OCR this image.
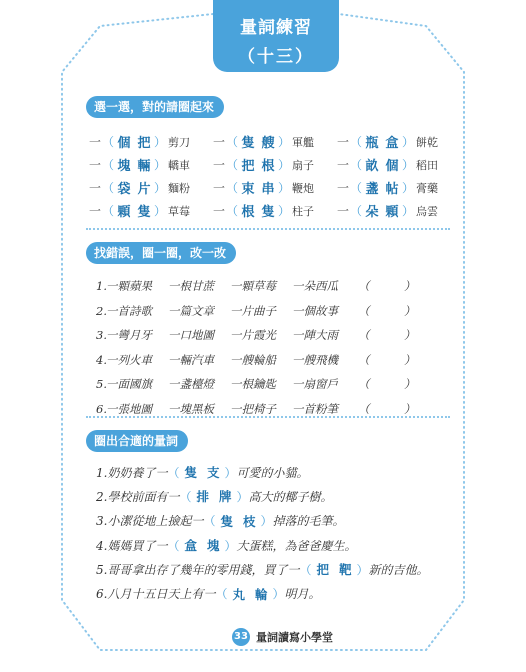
量詞練習
（十三）
選一選，對的請圈起來
一 （ 個 把 ） 剪刀 一 （ 隻 艘 ） 軍艦 一 （ 瓶 盒 ） 餅乾
一 （ 塊 輛 ） 轎車 一 （ 把 根 ） 扇子 一 （ 畝 個 ） 稻田
一 （ 袋 片 ） 麵粉 一 （ 束 串 ） 鞭炮 一 （ 盞 帖 ） 膏藥
一 （ 顆 隻 ） 草莓 一 （ 根 隻 ） 柱子 一 （ 朵 顆 ） 烏雲
找錯誤，圈一圈，改一改
1. 一顆蘋果	一根甘蔗	一顆草莓	一朵西瓜	（　　　）
2. 一首詩歌	一篇文章	一片曲子	一個故事	（　　　）
3. 一彎月牙	一口地圖	一片霞光	一陣大雨	（　　　）
4. 一列火車	一輛汽車	一艘輪船	一艘飛機	（　　　）
5. 一面國旗	一盞檯燈	一根鑰匙	一扇窗戶	（　　　）
6. 一張地圖	一塊黑板	一把椅子	一首粉筆	（　　　）
圈出合適的量詞
1.奶奶養了一 （ 隻 支 ） 可愛的小貓。
2.學校前面有一 （ 排 牌 ） 高大的椰子樹。
3.小潔從地上撿起一 （ 隻 枝 ） 掉落的毛筆。
4.媽媽買了一 （ 盒 塊 ） 大蛋糕，為爸爸慶生。
5.哥哥拿出存了幾年的零用錢，買了一 （ 把 靶 ） 新的吉他。
6.八月十五日天上有一 （ 丸 輪 ） 明月。
33 量詞讀寫小學堂
